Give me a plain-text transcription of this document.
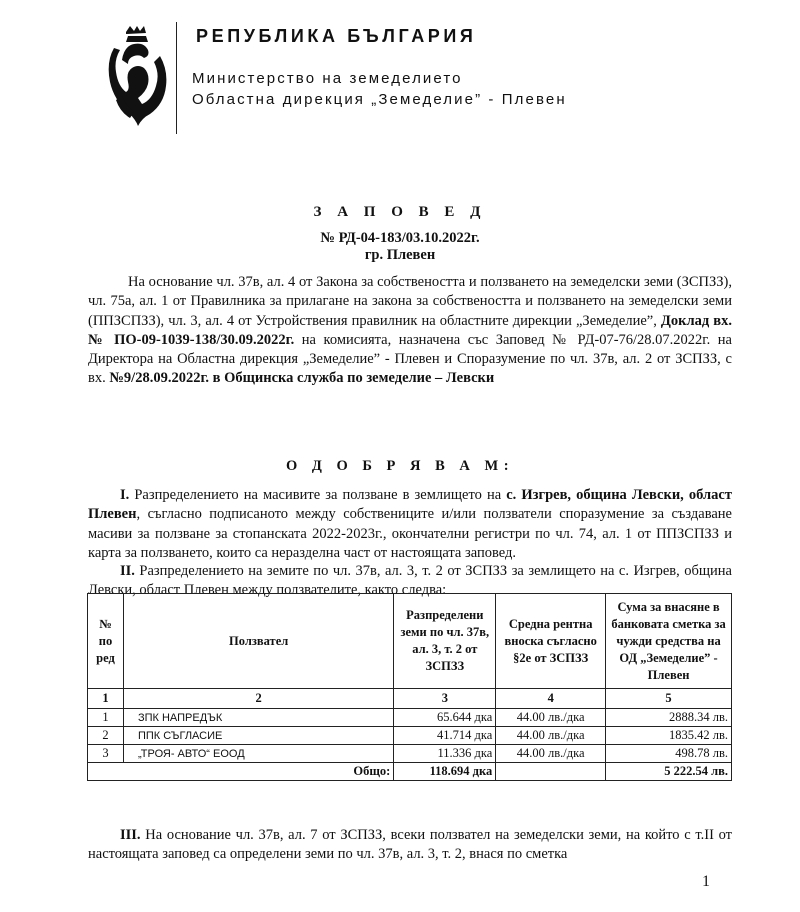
РЕПУБЛИКА БЪЛГАРИЯ
Министерство на земеделието
Областна дирекция „Земеделие” - Плевен
З А П О В Е Д
№ РД-04-183/03.10.2022г.
гр. Плевен
На основание чл. 37в, ал. 4 от Закона за собствеността и ползването на земеделски земи (ЗСПЗЗ), чл. 75а, ал. 1 от Правилника за прилагане на закона за собствеността и ползването на земеделски земи (ППЗСПЗЗ), чл. 3, ал. 4 от Устройствения правилник на областните дирекции „Земеделие”, Доклад вх. № ПО-09-1039-138/30.09.2022г. на комисията, назначена със Заповед № РД-07-76/28.07.2022г. на Директора на Областна дирекция „Земеделие” - Плевен и Споразумение по чл. 37в, ал. 2 от ЗСПЗЗ, с вх. №9/28.09.2022г. в Общинска служба по земеделие – Левски
О Д О Б Р Я В А М:
I. Разпределението на масивите за ползване в землището на с. Изгрев, община Левски, област Плевен, съгласно подписаното между собствениците и/или ползватели споразумение за създаване масиви за ползване за стопанската 2022-2023г., окончателни регистри по чл. 74, ал. 1 от ППЗСПЗЗ и карта за ползването, които са неразделна част от настоящата заповед.
II. Разпределението на земите по чл. 37в, ал. 3, т. 2 от ЗСПЗЗ за землището на с. Изгрев, община Левски, област Плевен между ползвателите, както следва:
№ по ред	Ползвател	Разпределени земи по чл. 37в, ал. 3, т. 2 от ЗСПЗЗ	Средна рентна вноска съгласно §2е от ЗСПЗЗ	Сума за внасяне в банковата сметка за чужди средства на ОД „Земеделие” - Плевен
1	2	3	4	5
1	ЗПК НАПРЕДЪК	65.644 дка	44.00 лв./дка	2888.34 лв.
2	ППК СЪГЛАСИЕ	41.714 дка	44.00 лв./дка	1835.42 лв.
3	„ТРОЯ- АВТО“ ЕООД	11.336 дка	44.00 лв./дка	498.78 лв.
Общо:		118.694 дка		5 222.54 лв.
III. На основание чл. 37в, ал. 7 от ЗСПЗЗ, всеки ползвател на земеделски земи, на който с т.II от настоящата заповед са определени земи по чл. 37в, ал. 3, т. 2, внася по сметка
1
